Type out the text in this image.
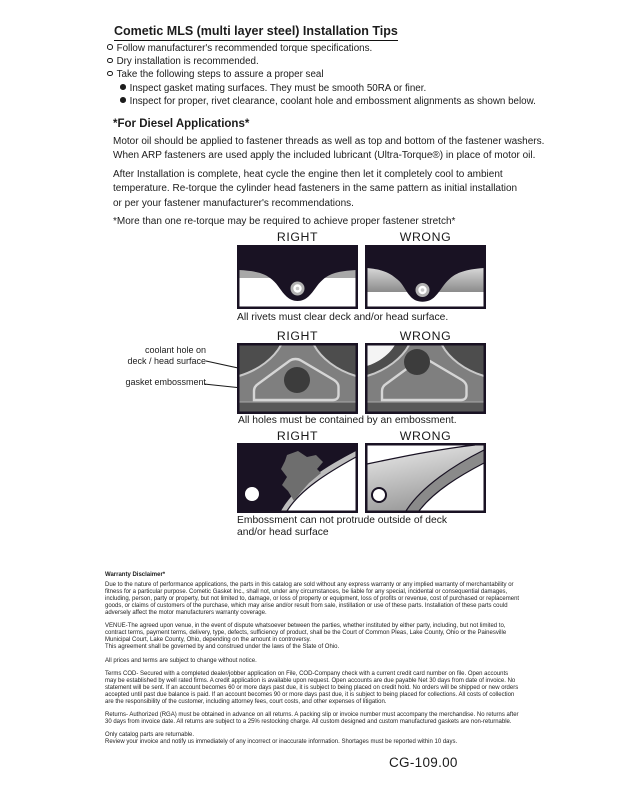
Cometic MLS (multi layer steel) Installation Tips
Follow manufacturer's recommended torque specifications.
Dry installation is recommended.
Take the following steps to assure a proper seal
Inspect gasket mating surfaces. They must be smooth 50RA or finer.
Inspect for proper, rivet clearance, coolant hole and embossment alignments as shown below.
*For Diesel Applications*
Motor oil should be applied to fastener threads as well as top and bottom of the fastener washers.
When ARP fasteners are used apply the included lubricant (Ultra-Torque®) in place of motor oil.
After Installation is complete, heat cycle the engine then let it completely cool to ambient
temperature. Re-torque the cylinder head fasteners in the same pattern as initial installation
or per your fastener manufacturer's recommendations.
*More than one re-torque may be required to achieve proper fastener stretch*
RIGHT	WRONG
All rivets must clear deck and/or head surface.
RIGHT	WRONG
coolant hole on
deck / head surface
gasket embossment
All holes must be contained by an embossment.
RIGHT	WRONG
Embossment can not protrude outside of deck
and/or head surface
Warranty Disclaimer*
Due to the nature of performance applications, the parts in this catalog are sold without any express warranty or any implied warranty of merchantability or fitness for a particular purpose. Cometic Gasket Inc., shall not, under any circumstances, be liable for any special, incidental or consequential damages, including, person, party or property, but not limited to, damage, or loss of property or equipment, loss of profits or revenue, cost of purchased or replacement goods, or claims of customers of the purchase, which may arise and/or result from sale, instillation or use of these parts. Installation of these parts could adversely affect the motor manufacturers warranty coverage.
VENUE-The agreed upon venue, in the event of dispute whatsoever between the parties, whether instituted by either party, including, but not limited to, contract terms, payment terms, delivery, type, defects, sufficiency of product, shall be the Court of Common Pleas, Lake County, Ohio or the Painesville Municipal Court, Lake County, Ohio, depending on the amount in controversy.
This agreement shall be governed by and construed under the laws of the State of Ohio.
All prices and terms are subject to change without notice.
Terms COD- Secured with a completed dealer/jobber application on File, COD-Company check with a current credit card number on file. Open accounts may be established by well rated firms. A credit application is available upon request. Open accounts are due payable Net 30 days from date of invoice. No statement will be sent. If an account becomes 60 or more days past due, it is subject to being placed on credit hold. No orders will be shipped or new orders accepted until past due balance is paid. If an account becomes 90 or more days past due, it is subject to being placed for collections. All costs of collection are the responsibility of the customer, including attorney fees, court costs, and other expenses of litigation.
Returns- Authorized (RGA) must be obtained in advance on all returns. A packing slip or invoice number must accompany the merchandise. No returns after 30 days from invoice date. All returns are subject to a 25% restocking charge. All custom designed and custom manufactured gaskets are non-returnable.
Only catalog parts are returnable.
Review your invoice and notify us immediately of any incorrect or inaccurate information. Shortages must be reported within 10 days.
CG-109.00
